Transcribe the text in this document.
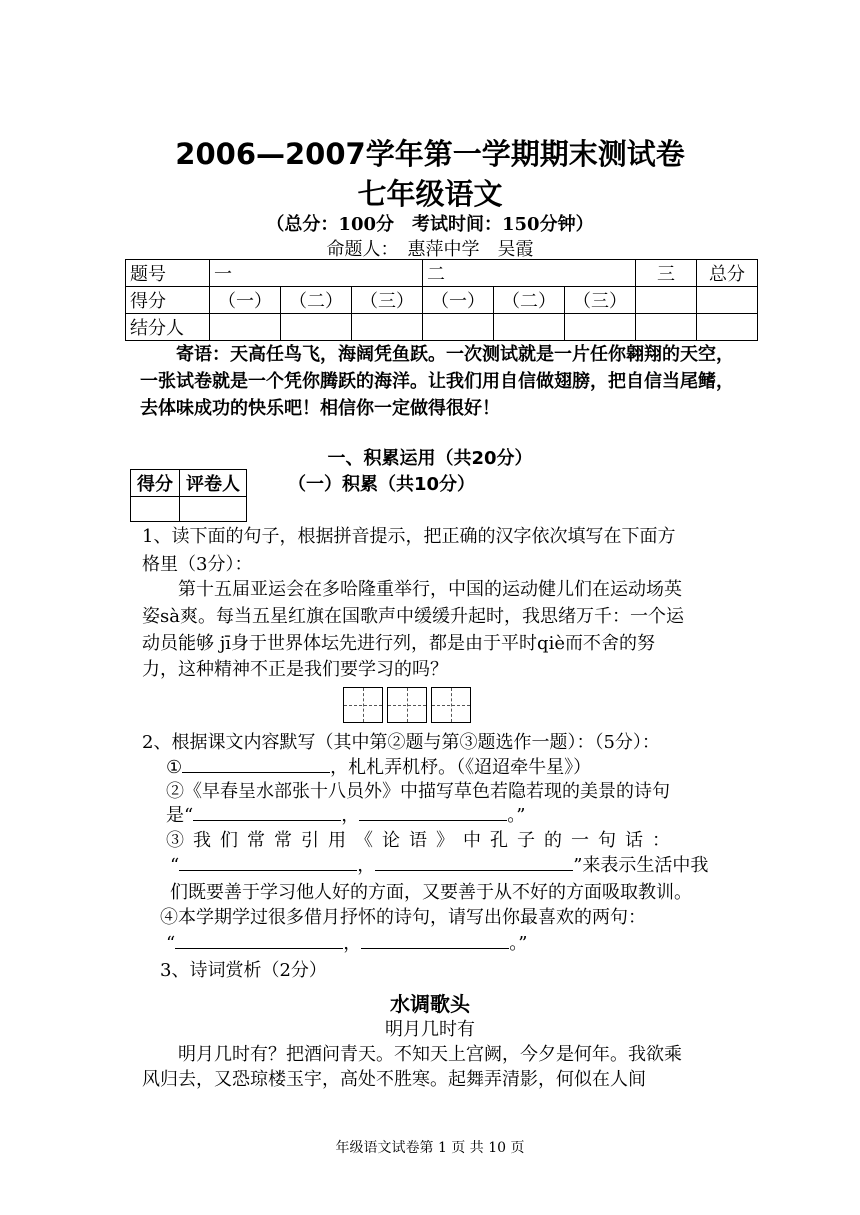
2006—2007学年第一学期期末测试卷
七年级语文
（总分：100分　考试时间：150分钟）
命题人：　惠萍中学　吴霞
题号	一			二			三	总分
得分	（一）	（二）	（三）	（一）	（二）	（三）		
结分人								
寄语：天高任鸟飞，海阔凭鱼跃。一次测试就是一片任你翱翔的天空，一张试卷就是一个凭你腾跃的海洋。让我们用自信做翅膀，把自信当尾鳍，去体味成功的快乐吧！相信你一定做得很好！
一、积累运用（共20分）
得分	评卷人
		（一）积累（共10分）
1、读下面的句子，根据拼音提示，把正确的汉字依次填写在下面方
格里（3分）：
第十五届亚运会在多哈隆重举行，中国的运动健儿们在运动场英
姿sà爽。每当五星红旗在国歌声中缓缓升起时，我思绪万千：一个运
动员能够 jī身于世界体坛先进行列，都是由于平时qiè而不舍的努
力，这种精神不正是我们要学习的吗？
2、根据课文内容默写（其中第②题与第③题选作一题）：（5分）：
①	，札札弄机杼。（《迢迢牵牛星》）
②《早春呈水部张十八员外》中描写草色若隐若现的美景的诗句
是“	，	。”
③我们常常引用《论语》中孔子的一句话：
“	，	”来表示生活中我
们既要善于学习他人好的方面，又要善于从不好的方面吸取教训。
④本学期学过很多借月抒怀的诗句，请写出你最喜欢的两句：
“	，	。”
3、诗词赏析（2分）
水调歌头
明月几时有
明月几时有？把酒问青天。不知天上宫阙，今夕是何年。我欲乘
风归去，又恐琼楼玉宇，高处不胜寒。起舞弄清影，何似在人间
年级语文试卷第 1 页 共 10 页
